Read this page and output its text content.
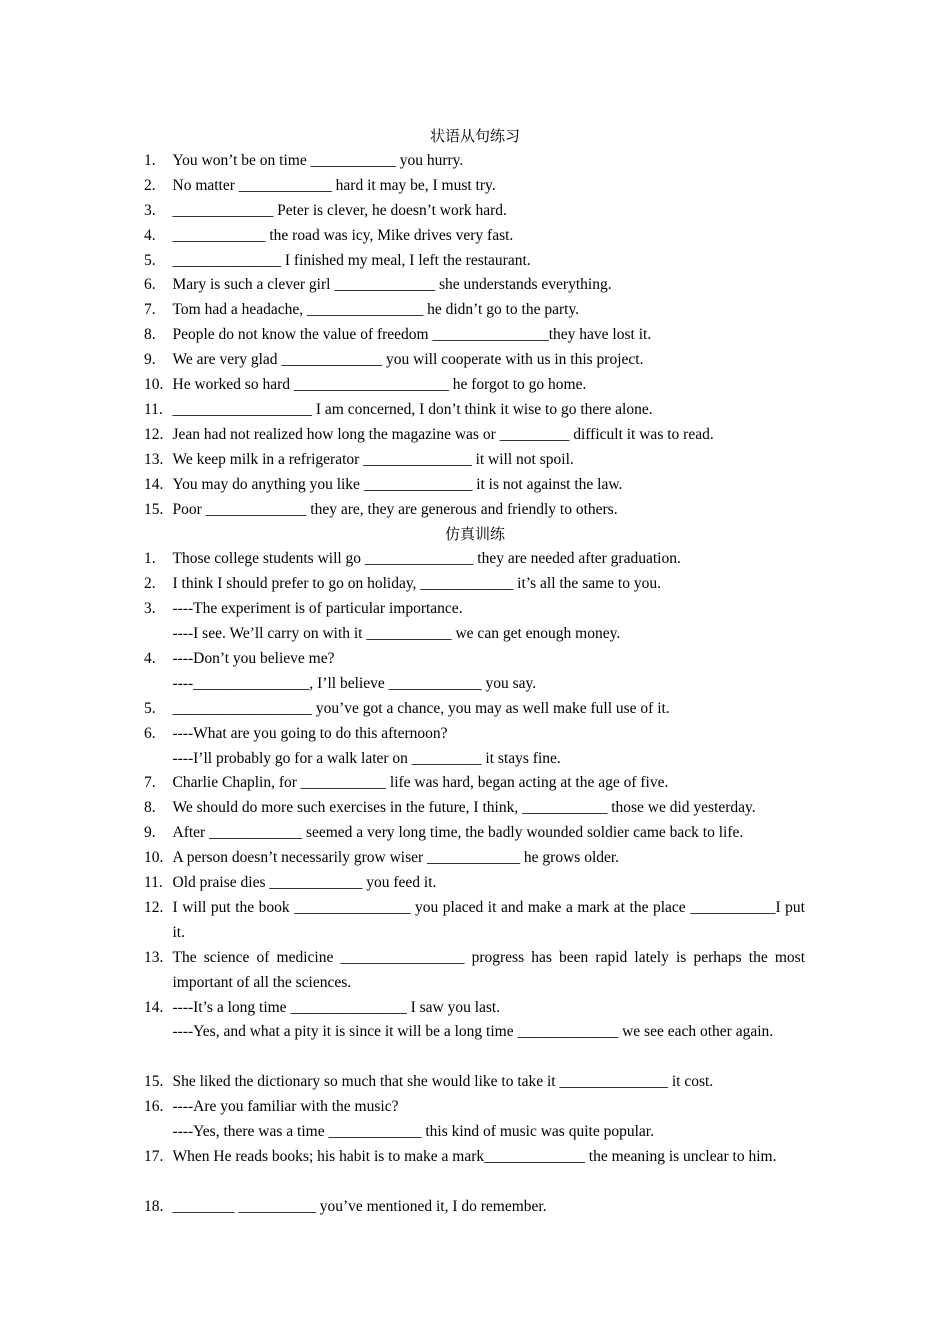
状语从句练习
1. You won’t be on time ___________ you hurry.
2. No matter ____________ hard it may be, I must try.
3. _____________ Peter is clever, he doesn’t work hard.
4. ____________ the road was icy, Mike drives very fast.
5. ______________ I finished my meal, I left the restaurant.
6. Mary is such a clever girl _____________ she understands everything.
7. Tom had a headache, _______________ he didn’t go to the party.
8. People do not know the value of freedom _______________they have lost it.
9. We are very glad _____________ you will cooperate with us in this project.
10. He worked so hard ____________________ he forgot to go home.
11. __________________ I am concerned, I don’t think it wise to go there alone.
12. Jean had not realized how long the magazine was or _________ difficult it was to read.
13. We keep milk in a refrigerator ______________ it will not spoil.
14. You may do anything you like ______________ it is not against the law.
15. Poor _____________ they are, they are generous and friendly to others.
仿真训练
1. Those college students will go ______________ they are needed after graduation.
2. I think I should prefer to go on holiday, ____________ it’s all the same to you.
3. ----The experiment is of particular importance.
----I see. We’ll carry on with it ___________ we can get enough money.
4. ----Don’t you believe me?
----_______________, I’ll believe ____________ you say.
5. __________________ you’ve got a chance, you may as well make full use of it.
6. ----What are you going to do this afternoon?
----I’ll probably go for a walk later on _________ it stays fine.
7. Charlie Chaplin, for ___________ life was hard, began acting at the age of five.
8. We should do more such exercises in the future, I think, ___________ those we did yesterday.
9. After ____________ seemed a very long time, the badly wounded soldier came back to life.
10. A person doesn’t necessarily grow wiser ____________ he grows older.
11. Old praise dies ____________ you feed it.
12. I will put the book _______________ you placed it and make a mark at the place ___________I put it.
13. The science of medicine ________________ progress has been rapid lately is perhaps the most important of all the sciences.
14. ----It’s a long time _______________ I saw you last.
----Yes, and what a pity it is since it will be a long time _____________ we see each other again.
15. She liked the dictionary so much that she would like to take it ______________ it cost.
16. ----Are you familiar with the music?
----Yes, there was a time ____________ this kind of music was quite popular.
17. When He reads books; his habit is to make a mark_____________ the meaning is unclear to him.
18. ________ __________ you’ve mentioned it, I do remember.
